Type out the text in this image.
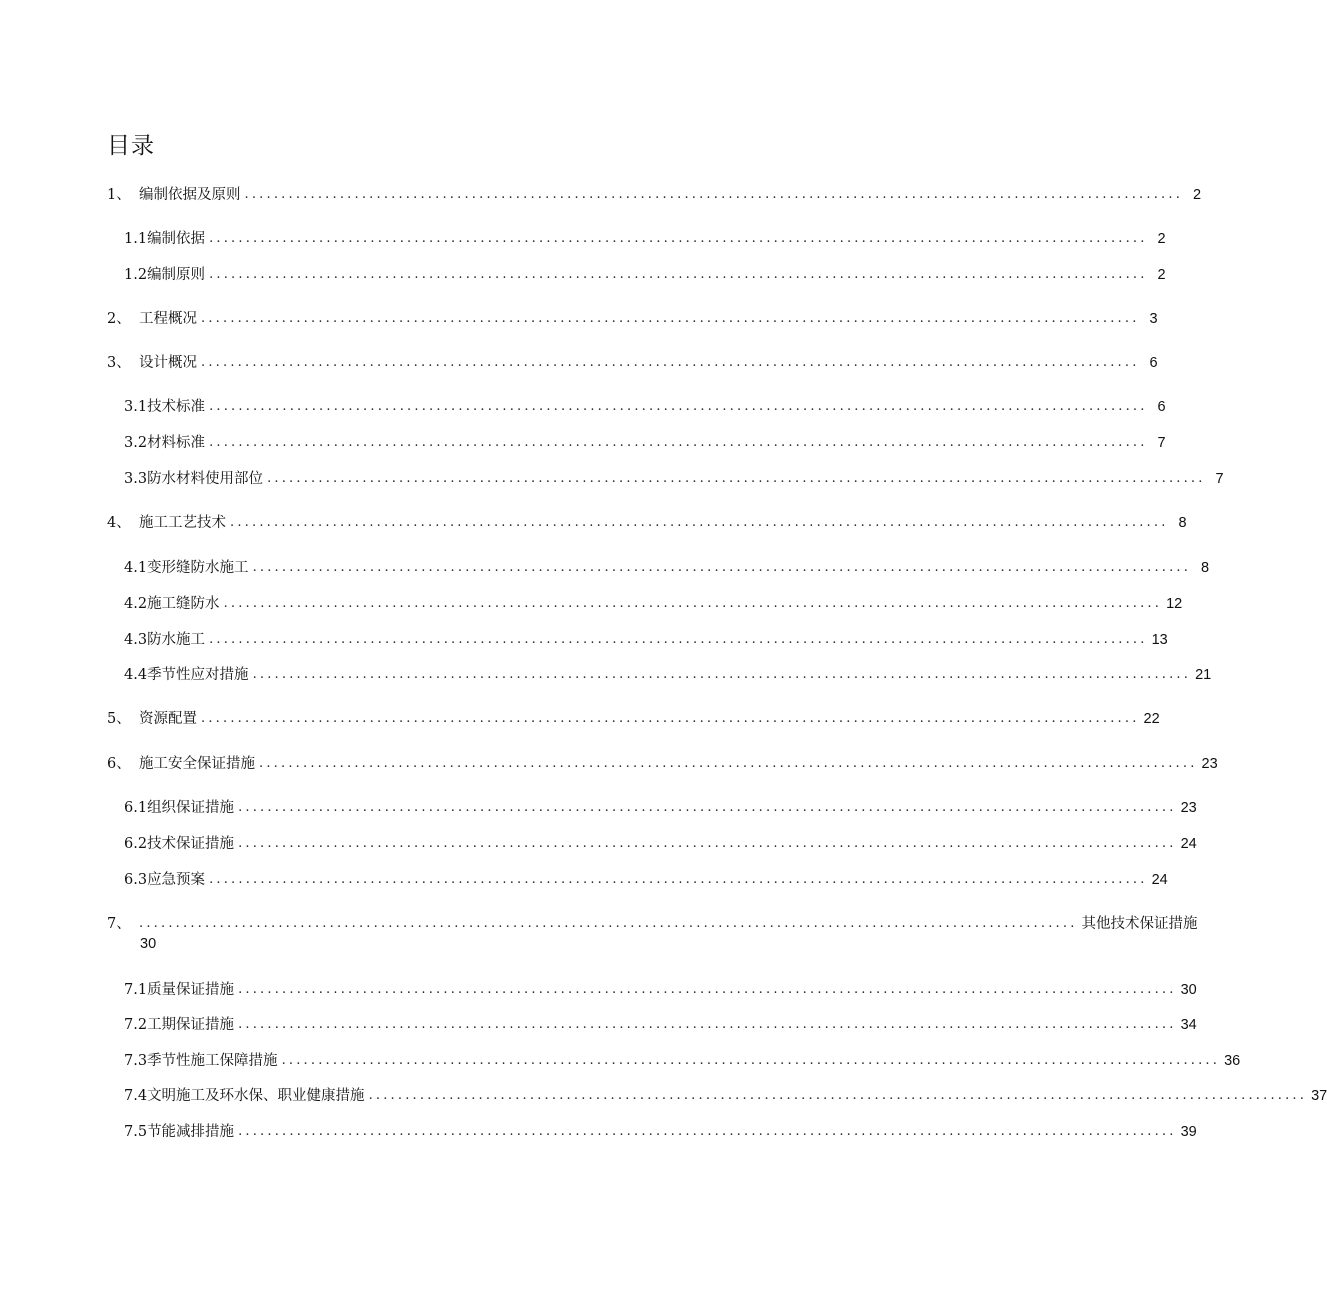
目录
1、 编制依据及原则 ................................................................................................................................ 2
1.1 编制依据 ................................................................................................................................ 2
1.2 编制原则 ................................................................................................................................ 2
2、 工程概况 ................................................................................................................................ 3
3、 设计概况 ................................................................................................................................ 6
3.1 技术标准 ................................................................................................................................ 6
3.2 材料标准 ................................................................................................................................ 7
3.3 防水材料使用部位 ................................................................................................................................ 7
4、 施工工艺技术 ................................................................................................................................ 8
4.1 变形缝防水施工 ................................................................................................................................ 8
4.2 施工缝防水 ................................................................................................................................ 12
4.3 防水施工 ................................................................................................................................ 13
4.4 季节性应对措施 ................................................................................................................................ 21
5、 资源配置 ................................................................................................................................ 22
6、 施工安全保证措施 ................................................................................................................................ 23
6.1 组织保证措施 ................................................................................................................................ 23
6.2 技术保证措施 ................................................................................................................................ 24
6.3 应急预案 ................................................................................................................................ 24
7、 ................................................................................................................................ 其他技术保证措施
30
7.1 质量保证措施 ................................................................................................................................ 30
7.2 工期保证措施 ................................................................................................................................ 34
7.3 季节性施工保障措施 ................................................................................................................................ 36
7.4 文明施工及环水保、职业健康措施 ................................................................................................................................ 37
7.5 节能减排措施 ................................................................................................................................ 39
